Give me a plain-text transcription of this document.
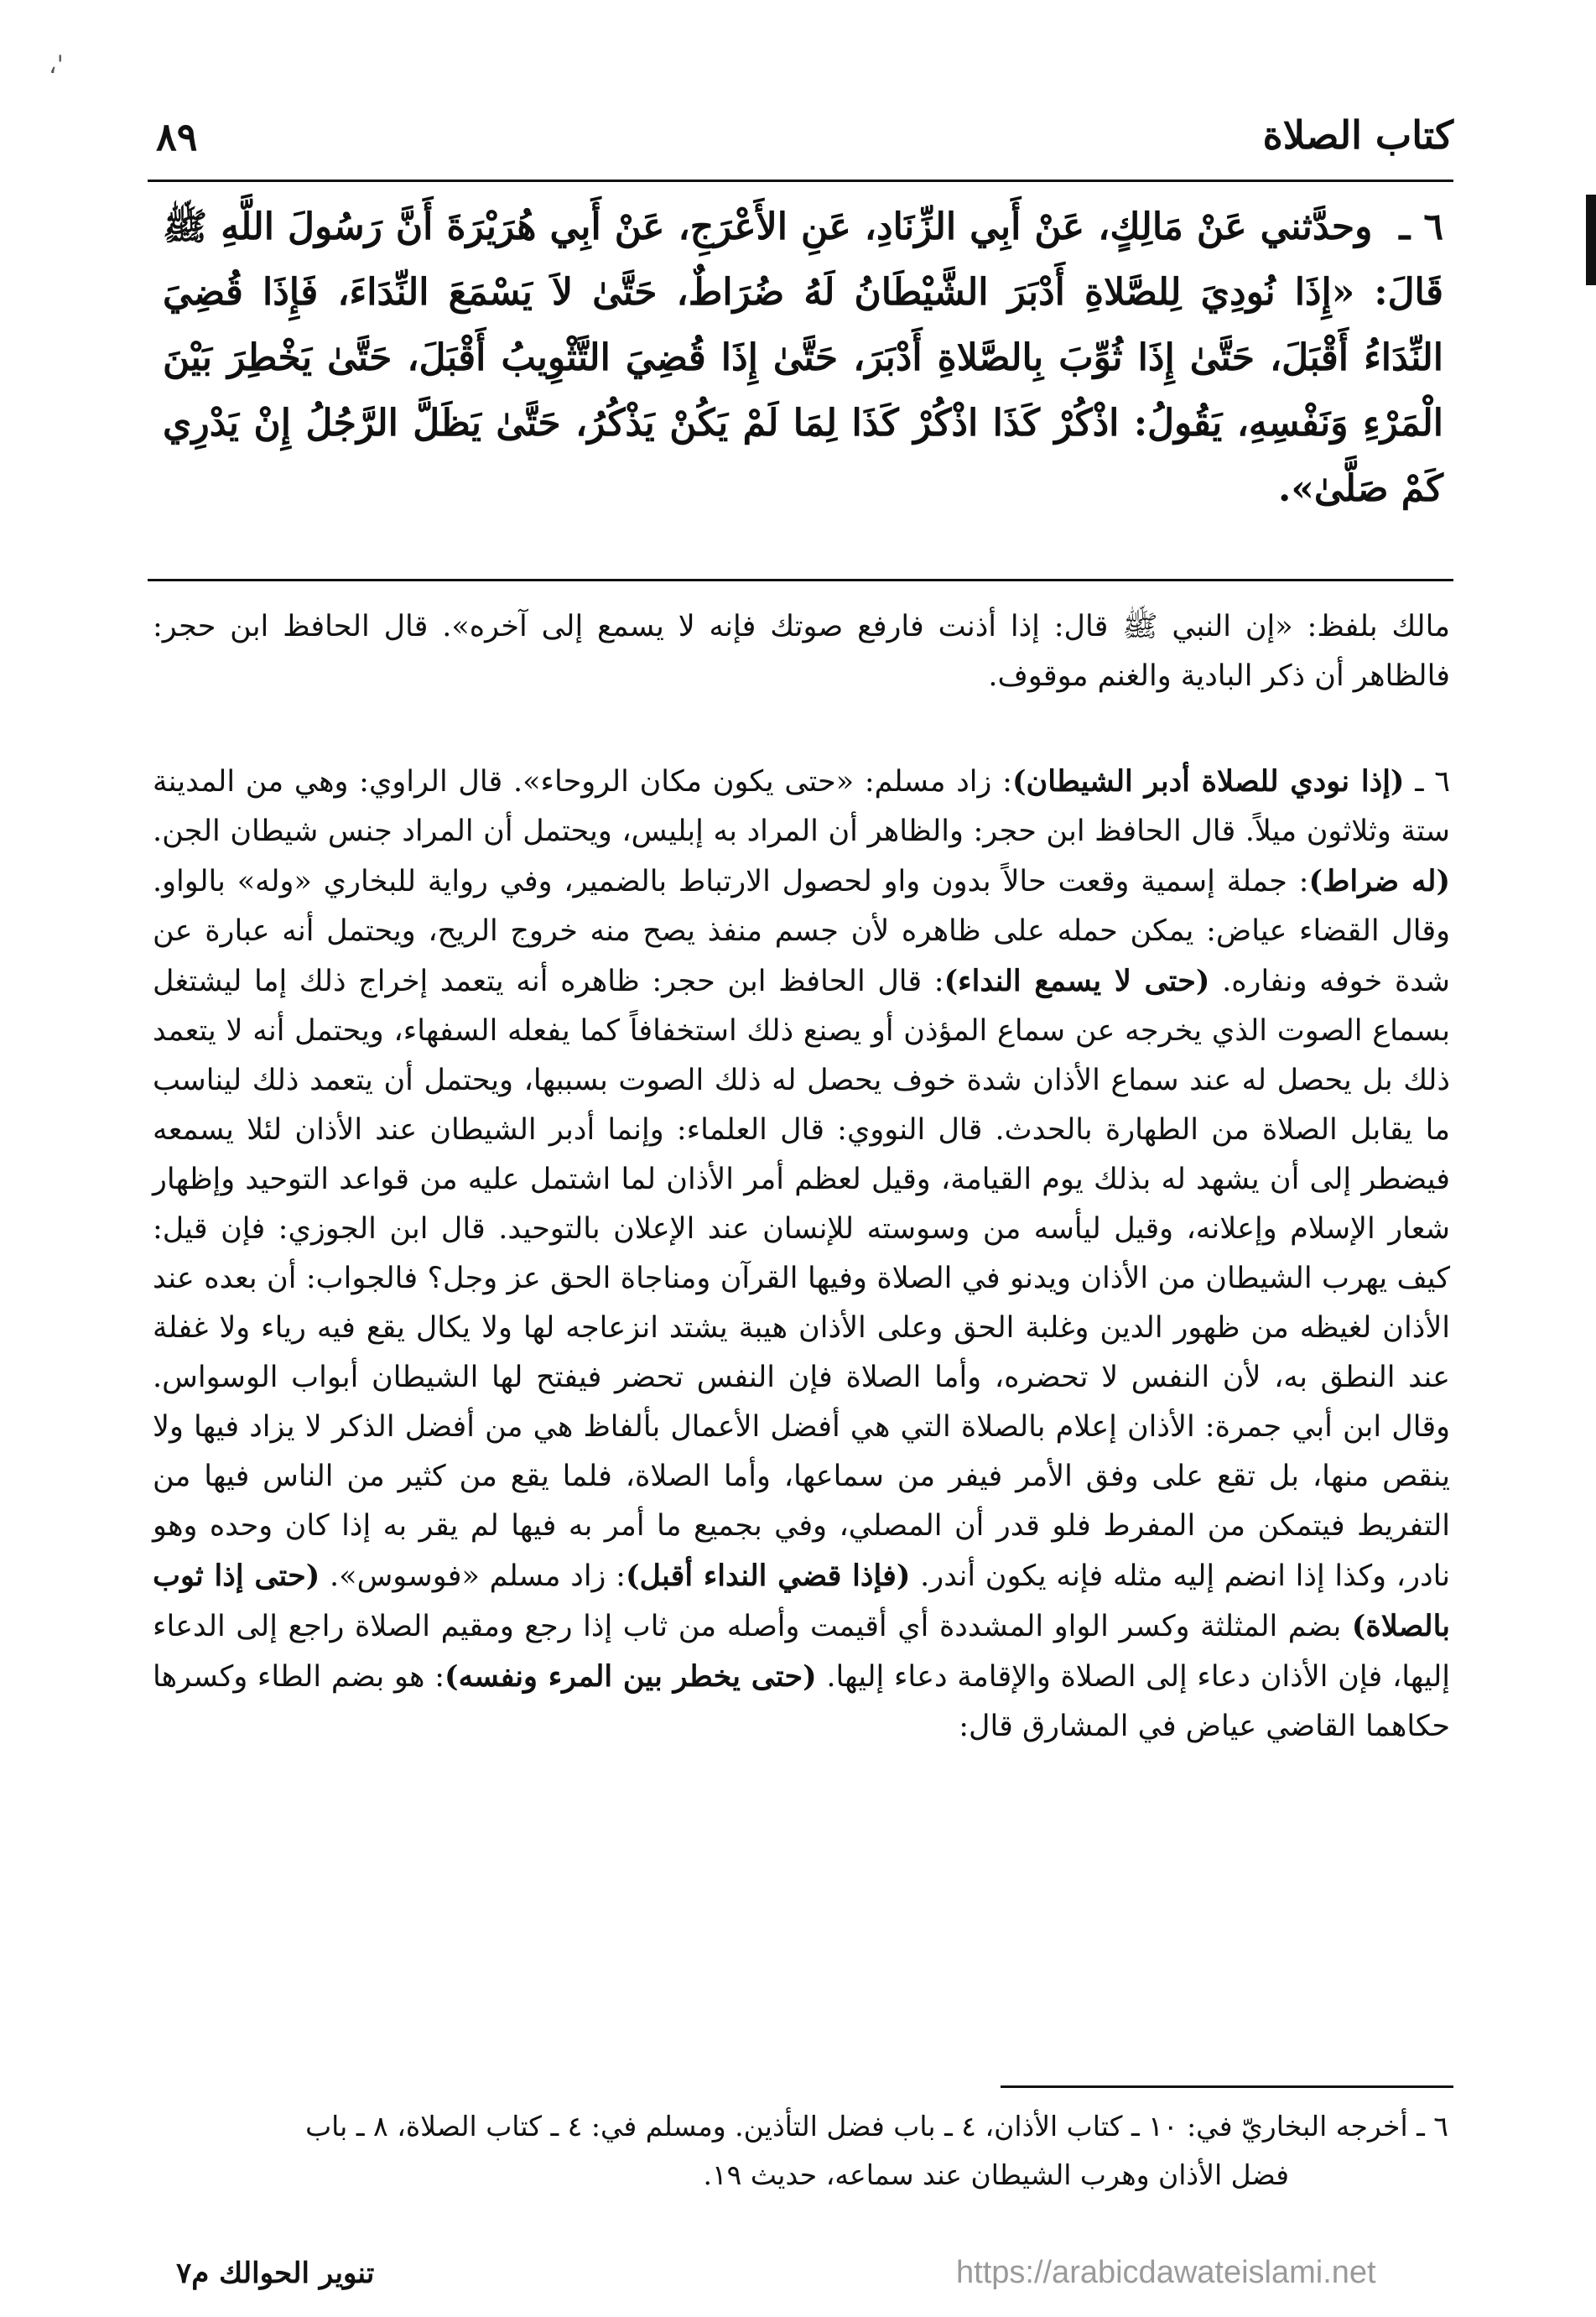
'،
كتاب الصلاة
٨٩
٦ ـ وحدَّثني عَنْ مَالِكٍ، عَنْ أَبِي الزِّنَادِ، عَنِ الأَعْرَجِ، عَنْ أَبِي هُرَيْرَةَ أَنَّ رَسُولَ اللَّهِ ﷺ قَالَ: «إِذَا نُودِيَ لِلصَّلاةِ أَدْبَرَ الشَّيْطَانُ لَهُ ضُرَاطٌ، حَتَّىٰ لاَ يَسْمَعَ النِّدَاءَ، فَإِذَا قُضِيَ النِّدَاءُ أَقْبَلَ، حَتَّىٰ إِذَا ثُوِّبَ بِالصَّلاةِ أَدْبَرَ، حَتَّىٰ إِذَا قُضِيَ التَّثْوِيبُ أَقْبَلَ، حَتَّىٰ يَخْطِرَ بَيْنَ الْمَرْءِ وَنَفْسِهِ، يَقُولُ: اذْكُرْ كَذَا اذْكُرْ كَذَا لِمَا لَمْ يَكُنْ يَذْكُرُ، حَتَّىٰ يَظَلَّ الرَّجُلُ إِنْ يَدْرِي كَمْ صَلَّىٰ».
مالك بلفظ: «إن النبي ﷺ قال: إذا أذنت فارفع صوتك فإنه لا يسمع إلى آخره». قال الحافظ ابن حجر: فالظاهر أن ذكر البادية والغنم موقوف.
٦ ـ (إذا نودي للصلاة أدبر الشيطان): زاد مسلم: «حتى يكون مكان الروحاء». قال الراوي: وهي من المدينة ستة وثلاثون ميلاً. قال الحافظ ابن حجر: والظاهر أن المراد به إبليس، ويحتمل أن المراد جنس شيطان الجن. (له ضراط): جملة إسمية وقعت حالاً بدون واو لحصول الارتباط بالضمير، وفي رواية للبخاري «وله» بالواو. وقال القضاء عياض: يمكن حمله على ظاهره لأن جسم منفذ يصح منه خروج الريح، ويحتمل أنه عبارة عن شدة خوفه ونفاره. (حتى لا يسمع النداء): قال الحافظ ابن حجر: ظاهره أنه يتعمد إخراج ذلك إما ليشتغل بسماع الصوت الذي يخرجه عن سماع المؤذن أو يصنع ذلك استخفافاً كما يفعله السفهاء، ويحتمل أنه لا يتعمد ذلك بل يحصل له عند سماع الأذان شدة خوف يحصل له ذلك الصوت بسببها، ويحتمل أن يتعمد ذلك ليناسب ما يقابل الصلاة من الطهارة بالحدث. قال النووي: قال العلماء: وإنما أدبر الشيطان عند الأذان لئلا يسمعه فيضطر إلى أن يشهد له بذلك يوم القيامة، وقيل لعظم أمر الأذان لما اشتمل عليه من قواعد التوحيد وإظهار شعار الإسلام وإعلانه، وقيل ليأسه من وسوسته للإنسان عند الإعلان بالتوحيد. قال ابن الجوزي: فإن قيل: كيف يهرب الشيطان من الأذان ويدنو في الصلاة وفيها القرآن ومناجاة الحق عز وجل؟ فالجواب: أن بعده عند الأذان لغيظه من ظهور الدين وغلبة الحق وعلى الأذان هيبة يشتد انزعاجه لها ولا يكال يقع فيه رياء ولا غفلة عند النطق به، لأن النفس لا تحضره، وأما الصلاة فإن النفس تحضر فيفتح لها الشيطان أبواب الوسواس. وقال ابن أبي جمرة: الأذان إعلام بالصلاة التي هي أفضل الأعمال بألفاظ هي من أفضل الذكر لا يزاد فيها ولا ينقص منها، بل تقع على وفق الأمر فيفر من سماعها، وأما الصلاة، فلما يقع من كثير من الناس فيها من التفريط فيتمكن من المفرط فلو قدر أن المصلي، وفي بجميع ما أمر به فيها لم يقر به إذا كان وحده وهو نادر، وكذا إذا انضم إليه مثله فإنه يكون أندر. (فإذا قضي النداء أقبل): زاد مسلم «فوسوس». (حتى إذا ثوب بالصلاة) بضم المثلثة وكسر الواو المشددة أي أقيمت وأصله من ثاب إذا رجع ومقيم الصلاة راجع إلى الدعاء إليها، فإن الأذان دعاء إلى الصلاة والإقامة دعاء إليها. (حتى يخطر بين المرء ونفسه): هو بضم الطاء وكسرها حكاهما القاضي عياض في المشارق قال:
٦ ـ أخرجه البخاريّ في: ١٠ ـ كتاب الأذان، ٤ ـ باب فضل التأذين. ومسلم في: ٤ ـ كتاب الصلاة، ٨ ـ باب
فضل الأذان وهرب الشيطان عند سماعه، حديث ١٩.
تنوير الحوالك م٧	https://arabicdawateislami.net
